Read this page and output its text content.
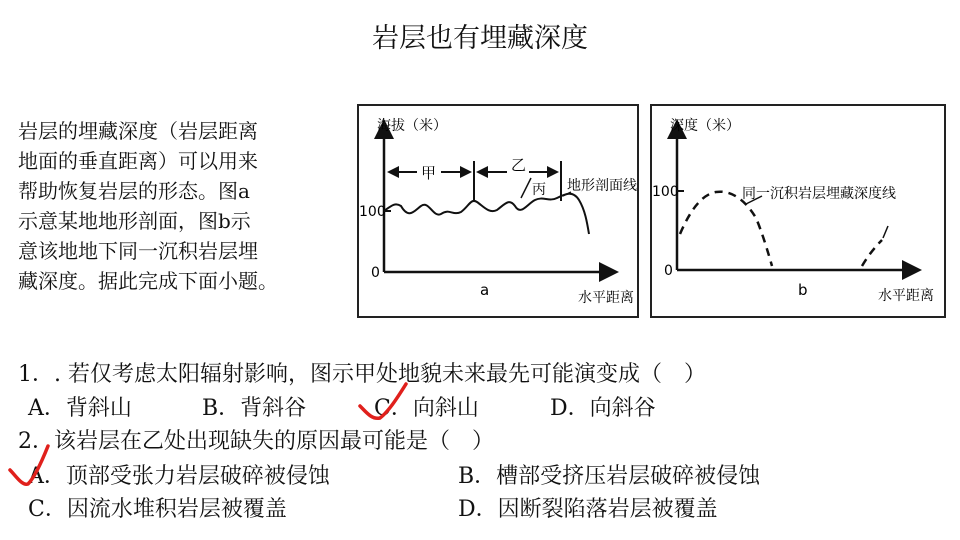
岩层也有埋藏深度
岩层的埋藏深度（岩层距离
地面的垂直距离）可以用来
帮助恢复岩层的形态。图a
示意某地地形剖面，图b示
意该地地下同一沉积岩层埋
藏深度。据此完成下面小题。
海拔（米）
100
0
水平距离
a
甲	乙
丙 地形剖面线
深度（米）
100
0
水平距离
b
同一沉积岩层埋藏深度线
1．. 若仅考虑太阳辐射影响，图示甲处地貌未来最先可能演变成（　）
A．背斜山	B．背斜谷	C．向斜山	D．向斜谷
2．该岩层在乙处出现缺失的原因最可能是（　）
A．顶部受张力岩层破碎被侵蚀	B．槽部受挤压岩层破碎被侵蚀
C．因流水堆积岩层被覆盖	D．因断裂陷落岩层被覆盖
